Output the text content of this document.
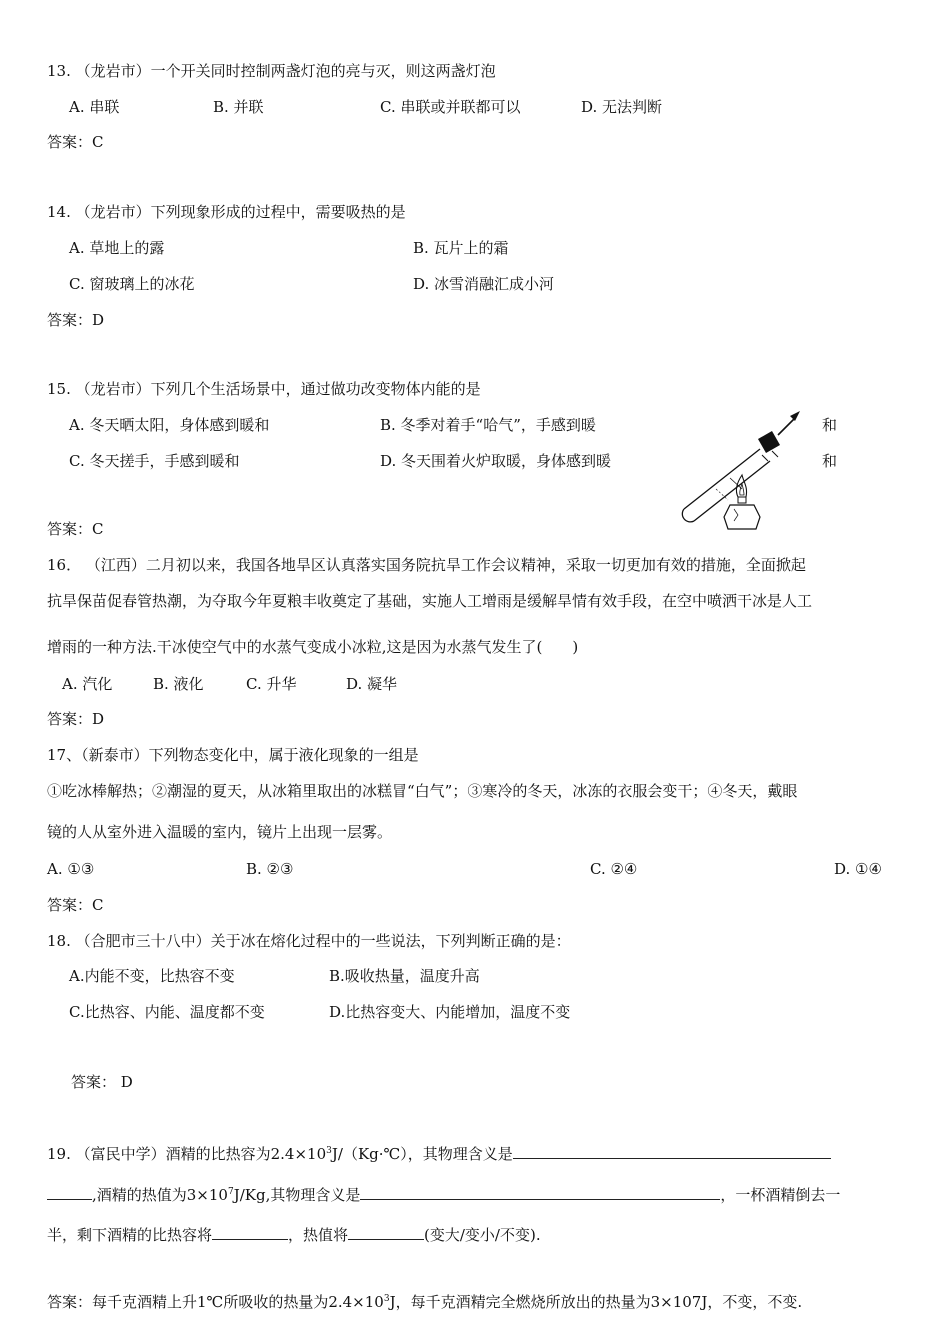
13. （龙岩市）一个开关同时控制两盏灯泡的亮与灭，则这两盏灯泡
A. 串联	B. 并联	C. 串联或并联都可以	D. 无法判断
答案：C
14. （龙岩市）下列现象形成的过程中，需要吸热的是
A. 草地上的露	B. 瓦片上的霜
C. 窗玻璃上的冰花	D. 冰雪消融汇成小河
答案：D
15. （龙岩市）下列几个生活场景中，通过做功改变物体内能的是
A. 冬天晒太阳，身体感到暖和	B. 冬季对着手“哈气”，手感到暖	和
C. 冬天搓手，手感到暖和	D. 冬天围着火炉取暖，身体感到暖	和
答案：C
16． （江西）二月初以来，我国各地旱区认真落实国务院抗旱工作会议精神，采取一切更加有效的措施，全面掀起
抗旱保苗促春管热潮，为夺取今年夏粮丰收奠定了基础，实施人工增雨是缓解旱情有效手段，在空中喷洒干冰是人工
增雨的一种方法.干冰使空气中的水蒸气变成小冰粒,这是因为水蒸气发生了(　　)
A. 汽化	B. 液化	C. 升华	D. 凝华
答案：D
17、（新泰市）下列物态变化中，属于液化现象的一组是
①吃冰棒解热；②潮湿的夏天，从冰箱里取出的冰糕冒“白气”；③寒冷的冬天，冰冻的衣服会变干；④冬天，戴眼
镜的人从室外进入温暖的室内，镜片上出现一层雾。
A. ①③	B. ②③	C. ②④	D. ①④
答案：C
18. （合肥市三十八中）关于冰在熔化过程中的一些说法，下列判断正确的是：
A.内能不变，比热容不变	B.吸收热量，温度升高
C.比热容、内能、温度都不变	D.比热容变大、内能增加，温度不变
答案： D
19. （富民中学）酒精的比热容为$2.4\times 10^3J/(Kg\cdot℃)$，其物理含义是
,酒精的热值为$3\times 10^7J/Kg$,其物理含义是	，一杯酒精倒去一
半，剩下酒精的比热容将	，热值将	(变大/变小/不变).
答案：每千克酒精上升1℃所吸收的热量为$2.4\times 10^3J$，每千克酒精完全燃烧所放出的热量为3×107J，不变，不变.
